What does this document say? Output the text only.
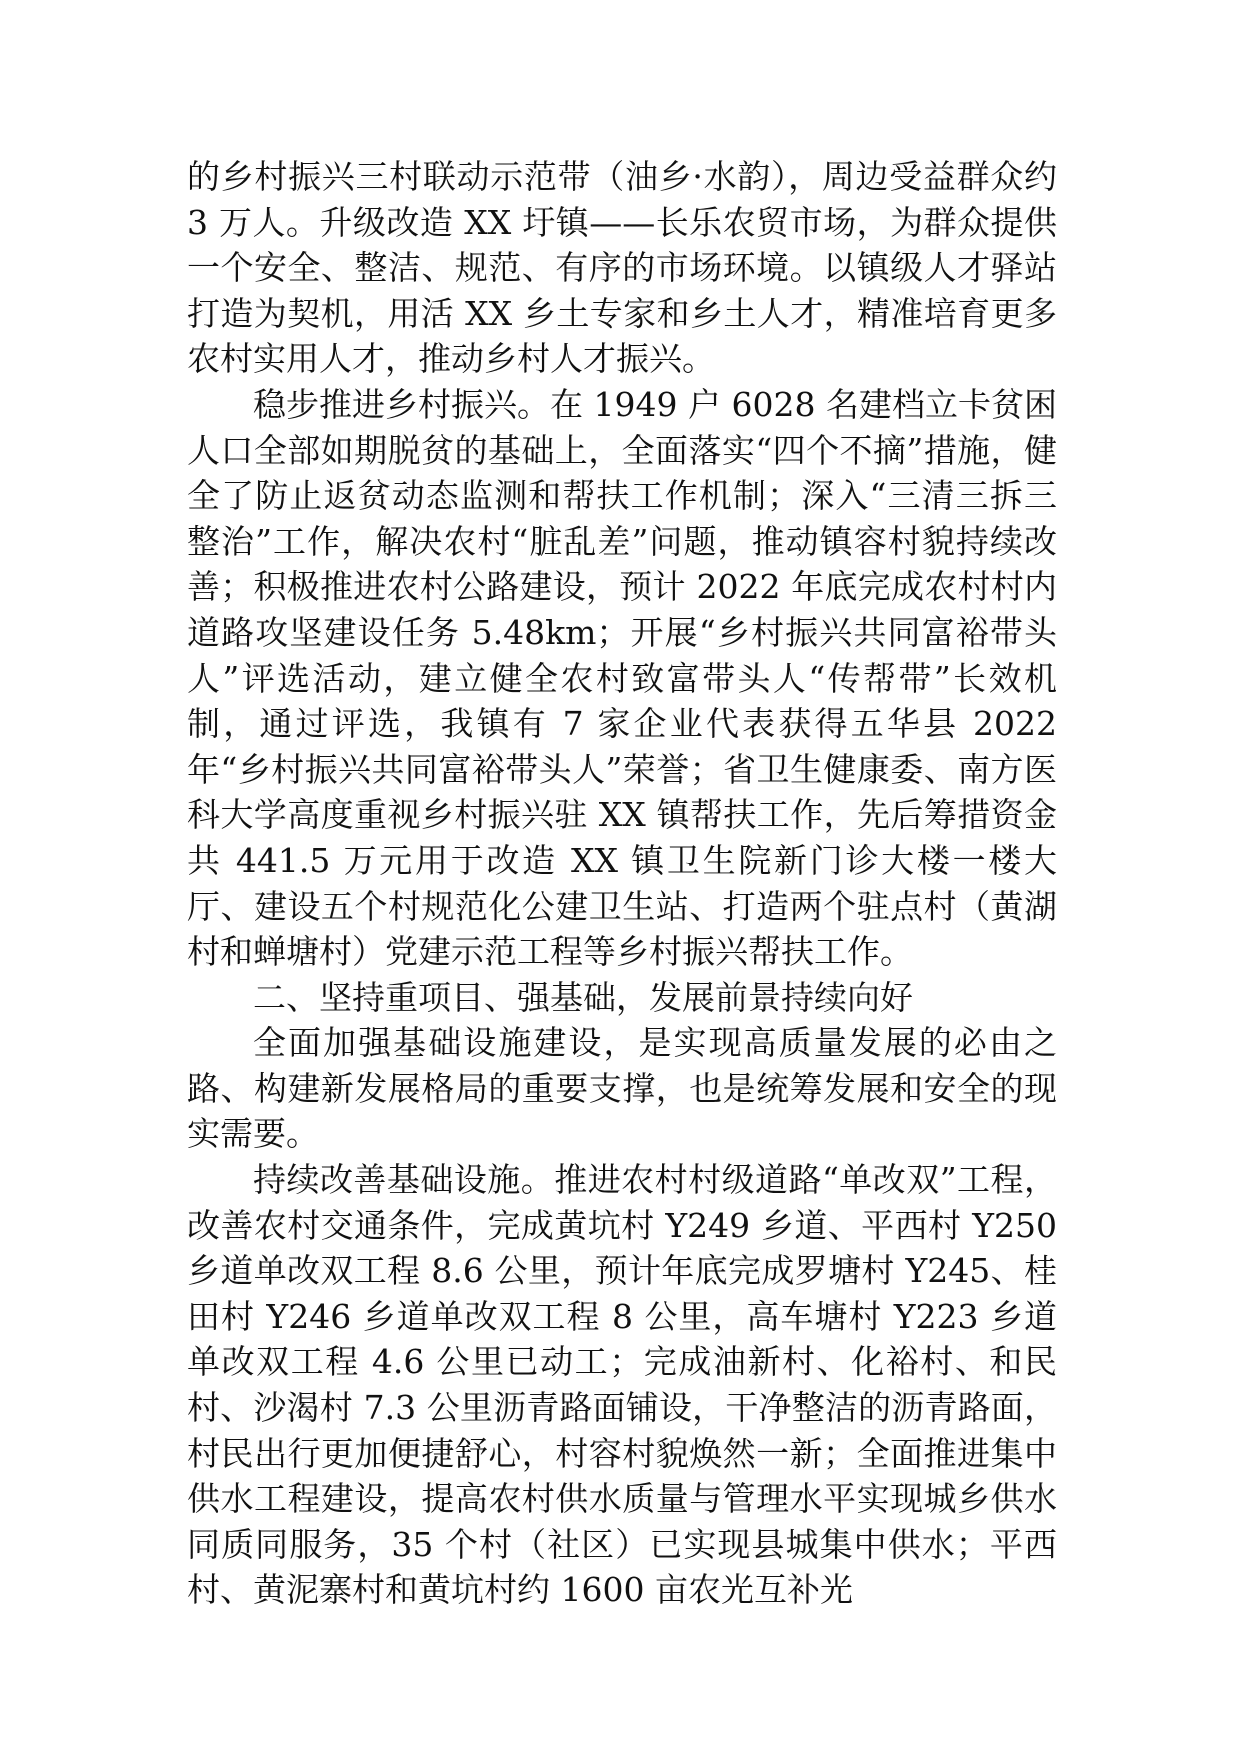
的乡村振兴三村联动示范带（油乡·水韵），周边受益群众约 3 万人。升级改造 XX 圩镇——长乐农贸市场，为群众提供一个安全、整洁、规范、有序的市场环境。以镇级人才驿站打造为契机，用活 XX 乡土专家和乡土人才，精准培育更多农村实用人才，推动乡村人才振兴。

稳步推进乡村振兴。在 1949 户 6028 名建档立卡贫困人口全部如期脱贫的基础上，全面落实“四个不摘”措施，健全了防止返贫动态监测和帮扶工作机制；深入“三清三拆三整治”工作，解决农村“脏乱差”问题，推动镇容村貌持续改善；积极推进农村公路建设，预计 2022 年底完成农村村内道路攻坚建设任务 5.48km；开展“乡村振兴共同富裕带头人”评选活动，建立健全农村致富带头人“传帮带”长效机制，通过评选，我镇有 7 家企业代表获得五华县 2022 年“乡村振兴共同富裕带头人”荣誉；省卫生健康委、南方医科大学高度重视乡村振兴驻 XX 镇帮扶工作，先后筹措资金共 441.5 万元用于改造 XX 镇卫生院新门诊大楼一楼大厅、建设五个村规范化公建卫生站、打造两个驻点村（黄湖村和蝉塘村）党建示范工程等乡村振兴帮扶工作。

二、坚持重项目、强基础，发展前景持续向好

全面加强基础设施建设，是实现高质量发展的必由之路、构建新发展格局的重要支撑，也是统筹发展和安全的现实需要。

持续改善基础设施。推进农村村级道路“单改双”工程，改善农村交通条件，完成黄坑村 Y249 乡道、平西村 Y250 乡道单改双工程 8.6 公里，预计年底完成罗塘村 Y245、桂田村 Y246 乡道单改双工程 8 公里，高车塘村 Y223 乡道单改双工程 4.6 公里已动工；完成油新村、化裕村、和民村、沙渴村 7.3 公里沥青路面铺设，干净整洁的沥青路面，村民出行更加便捷舒心，村容村貌焕然一新；全面推进集中供水工程建设，提高农村供水质量与管理水平实现城乡供水同质同服务，35 个村（社区）已实现县城集中供水；平西村、黄泥寨村和黄坑村约 1600 亩农光互补光
